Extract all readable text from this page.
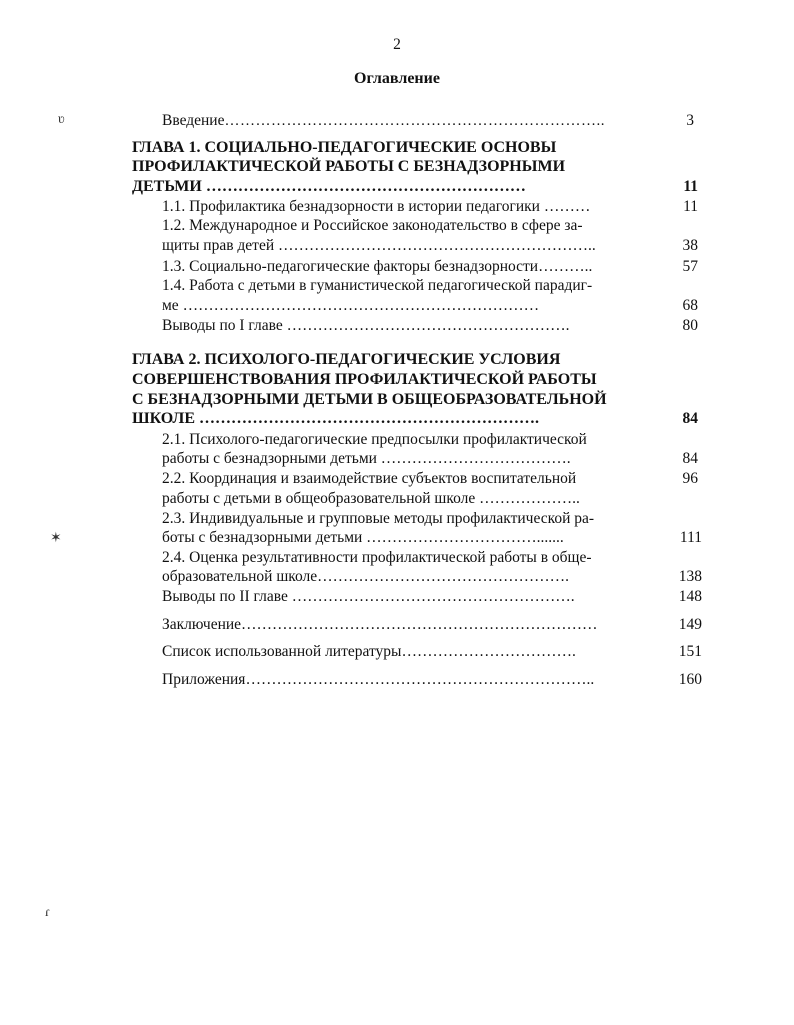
2
Оглавление
ʋ
✶
ɾ
Введение………………………………………………………………..	3
ГЛАВА 1. СОЦИАЛЬНО-ПЕДАГОГИЧЕСКИЕ ОСНОВЫ
ПРОФИЛАКТИЧЕСКОЙ РАБОТЫ С БЕЗНАДЗОРНЫМИ
ДЕТЬМИ ……………………………………………………	11
1.1. Профилактика безнадзорности в истории педагогики ………	11
1.2. Международное и Российское законодательство в сфере за-
щиты прав детей ……………………………………………………..	38
1.3. Социально-педагогические факторы безнадзорности………..	57
1.4. Работа с детьми в гуманистической педагогической парадиг-
ме ……………………………………………………………	68
Выводы по I главе ……………………………………………….	80
ГЛАВА 2. ПСИХОЛОГО-ПЕДАГОГИЧЕСКИЕ УСЛОВИЯ
СОВЕРШЕНСТВОВАНИЯ ПРОФИЛАКТИЧЕСКОЙ РАБОТЫ
С БЕЗНАДЗОРНЫМИ ДЕТЬМИ В ОБЩЕОБРАЗОВАТЕЛЬНОЙ
ШКОЛЕ ……………………………………………………….	84
2.1. Психолого-педагогические предпосылки профилактической
работы с безнадзорными детьми ……………………………….	84
2.2. Координация и взаимодействие субъектов воспитательной	96
работы с детьми в общеобразовательной школе ………………..
2.3. Индивидуальные и групповые методы профилактической ра-
боты с безнадзорными детьми …………………………….......	111
2.4. Оценка результативности профилактической работы в обще-
образовательной школе………………………………………….	138
Выводы по II главе ……………………………………………….	148
Заключение……………………………………………………………	149
Список использованной литературы…………………………….	151
Приложения…………………………………………………………..	160
